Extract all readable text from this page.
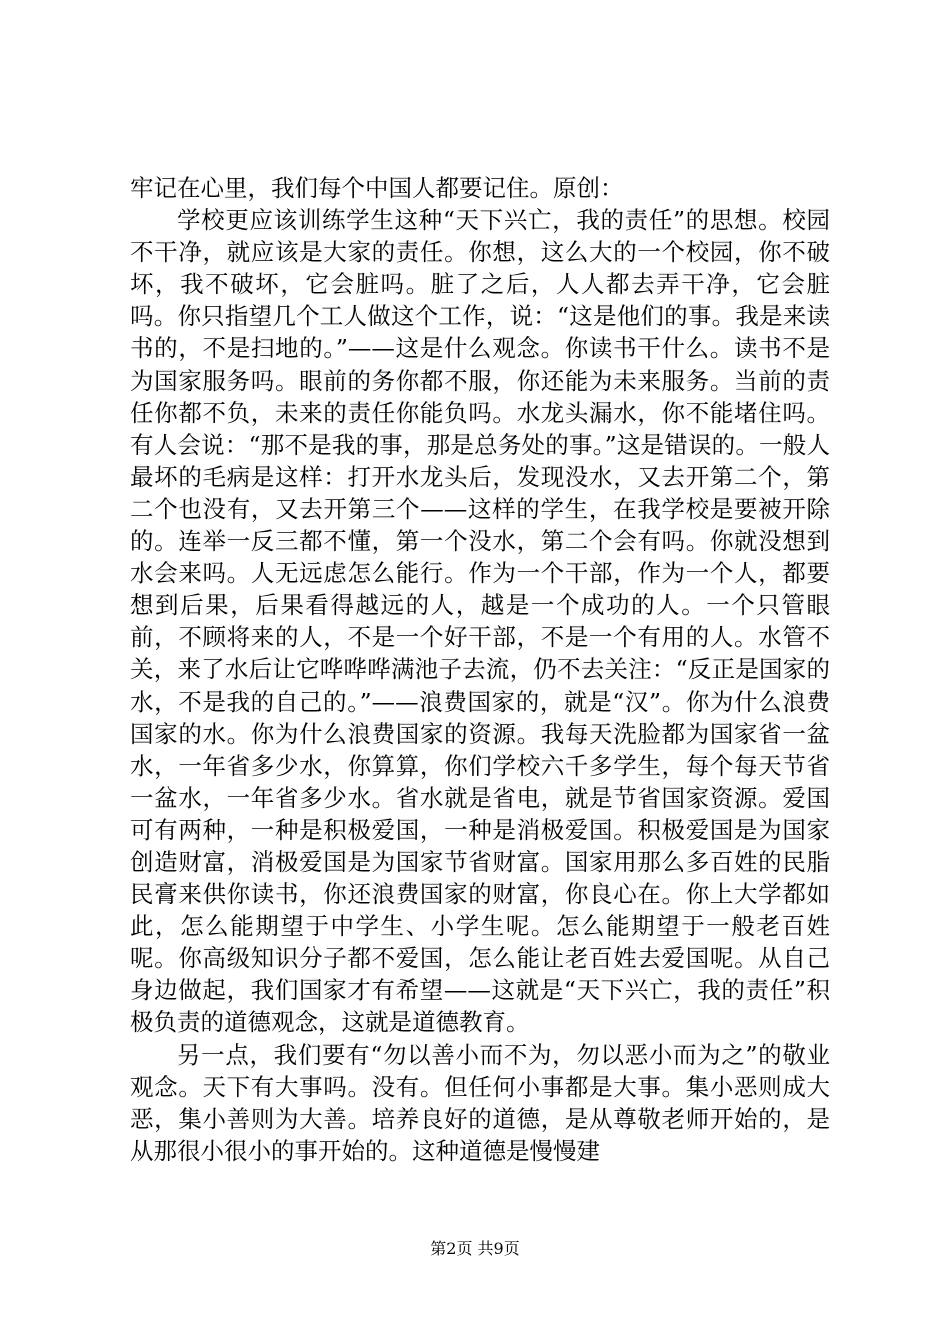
牢记在心里，我们每个中国人都要记住。原创：

学校更应该训练学生这种“天下兴亡，我的责任”的思想。校园不干净，就应该是大家的责任。你想，这么大的一个校园，你不破坏，我不破坏，它会脏吗。脏了之后，人人都去弄干净，它会脏吗。你只指望几个工人做这个工作，说：“这是他们的事。我是来读书的，不是扫地的。”——这是什么观念。你读书干什么。读书不是为国家服务吗。眼前的务你都不服，你还能为未来服务。当前的责任你都不负，未来的责任你能负吗。水龙头漏水，你不能堵住吗。有人会说：“那不是我的事，那是总务处的事。”这是错误的。一般人最坏的毛病是这样：打开水龙头后，发现没水，又去开第二个，第二个也没有，又去开第三个——这样的学生，在我学校是要被开除的。连举一反三都不懂，第一个没水，第二个会有吗。你就没想到水会来吗。人无远虑怎么能行。作为一个干部，作为一个人，都要想到后果，后果看得越远的人，越是一个成功的人。一个只管眼前，不顾将来的人，不是一个好干部，不是一个有用的人。水管不关，来了水后让它哗哗哗满池子去流，仍不去关注：“反正是国家的水，不是我的自己的。”——浪费国家的，就是“汉”。你为什么浪费国家的水。你为什么浪费国家的资源。我每天洗脸都为国家省一盆水，一年省多少水，你算算，你们学校六千多学生，每个每天节省一盆水，一年省多少水。省水就是省电，就是节省国家资源。爱国可有两种，一种是积极爱国，一种是消极爱国。积极爱国是为国家创造财富，消极爱国是为国家节省财富。国家用那么多百姓的民脂民膏来供你读书，你还浪费国家的财富，你良心在。你上大学都如此，怎么能期望于中学生、小学生呢。怎么能期望于一般老百姓呢。你高级知识分子都不爱国，怎么能让老百姓去爱国呢。从自己身边做起，我们国家才有希望——这就是“天下兴亡，我的责任”积极负责的道德观念，这就是道德教育。

另一点，我们要有“勿以善小而不为，勿以恶小而为之”的敬业观念。天下有大事吗。没有。但任何小事都是大事。集小恶则成大恶，集小善则为大善。培养良好的道德，是从尊敬老师开始的，是从那很小很小的事开始的。这种道德是慢慢建

第2页 共9页
